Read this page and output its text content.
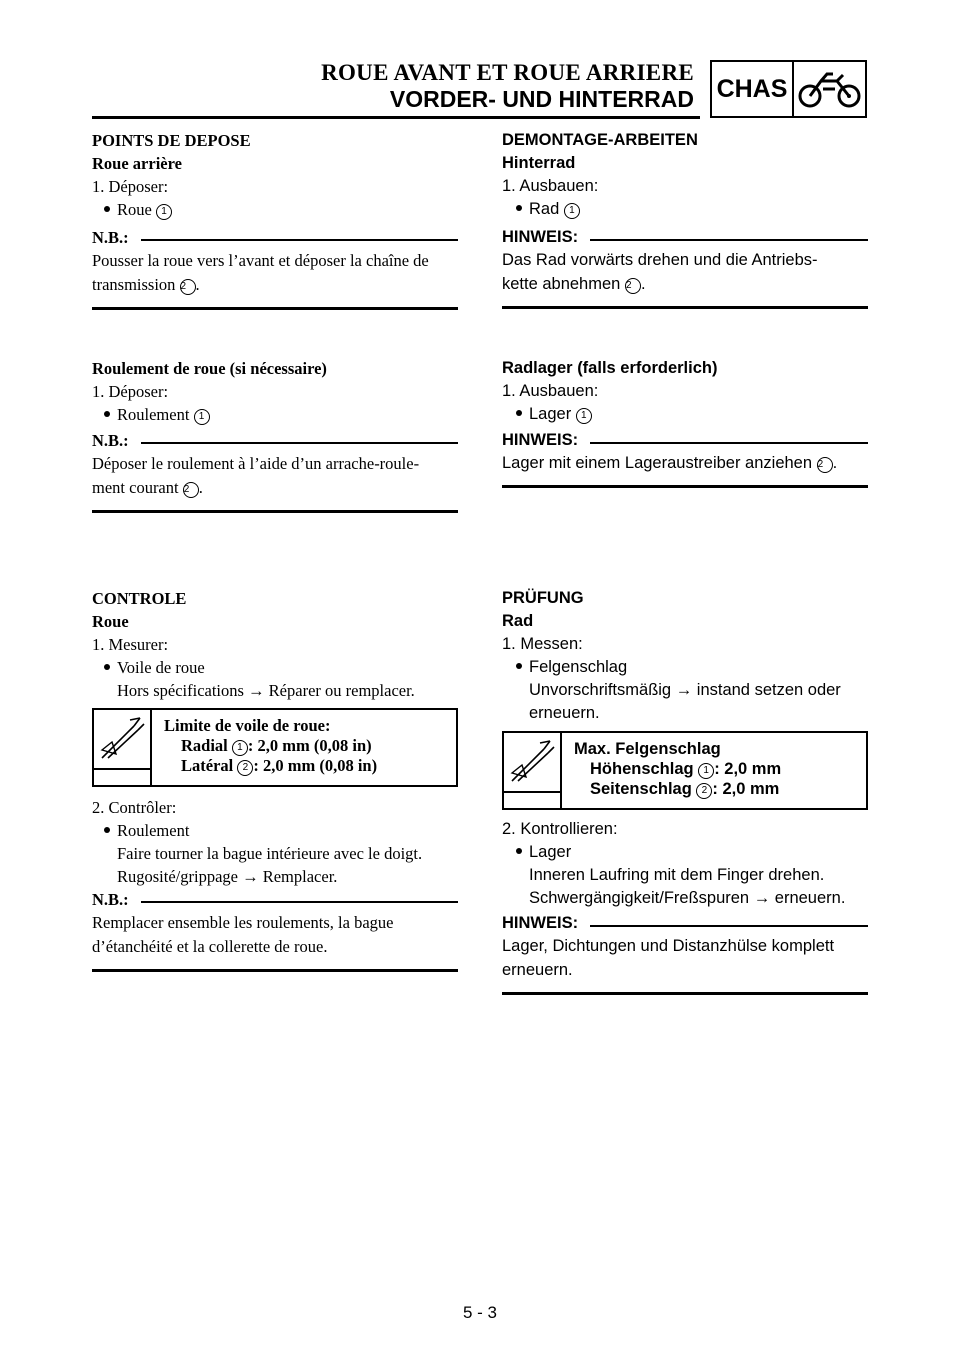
ROUE AVANT ET ROUE ARRIERE
VORDER- UND HINTERRAD CHAS
POINTS DE DEPOSE
Roue arrière
1. Déposer:
Roue 1
N.B.:
Pousser la roue vers l’avant et déposer la chaîne de
transmission 2 .
Roulement de roue (si nécessaire)
1. Déposer:
Roulement 1
N.B.:
Déposer le roulement à l’aide d’un arrache-roule-
ment courant 2 .
CONTROLE
Roue
1. Mesurer:
Voile de roue
Hors spécifications → Réparer ou remplacer.
Limite de voile de roue:
Radial 1 : 2,0 mm (0,08 in)
Latéral 2 : 2,0 mm (0,08 in)
2. Contrôler:
Roulement
Faire tourner la bague intérieure avec le doigt.
Rugosité/grippage → Remplacer.
N.B.:
Remplacer ensemble les roulements, la bague
d’étanchéité et la collerette de roue.
DEMONTAGE-ARBEITEN
Hinterrad
1. Ausbauen:
Rad 1
HINWEIS:
Das Rad vorwärts drehen und die Antriebs-
kette abnehmen 2 .
Radlager (falls erforderlich)
1. Ausbauen:
Lager 1
HINWEIS:
Lager mit einem Lageraustreiber anziehen 2 .
PRÜFUNG
Rad
1. Messen:
Felgenschlag
Unvorschriftsmäßig → instand setzen oder
erneuern.
Max. Felgenschlag
Höhenschlag 1 : 2,0 mm
Seitenschlag 2 : 2,0 mm
2. Kontrollieren:
Lager
Inneren Laufring mit dem Finger drehen.
Schwergängigkeit/Freßspuren → erneuern.
HINWEIS:
Lager, Dichtungen und Distanzhülse komplett
erneuern.
5 - 3
